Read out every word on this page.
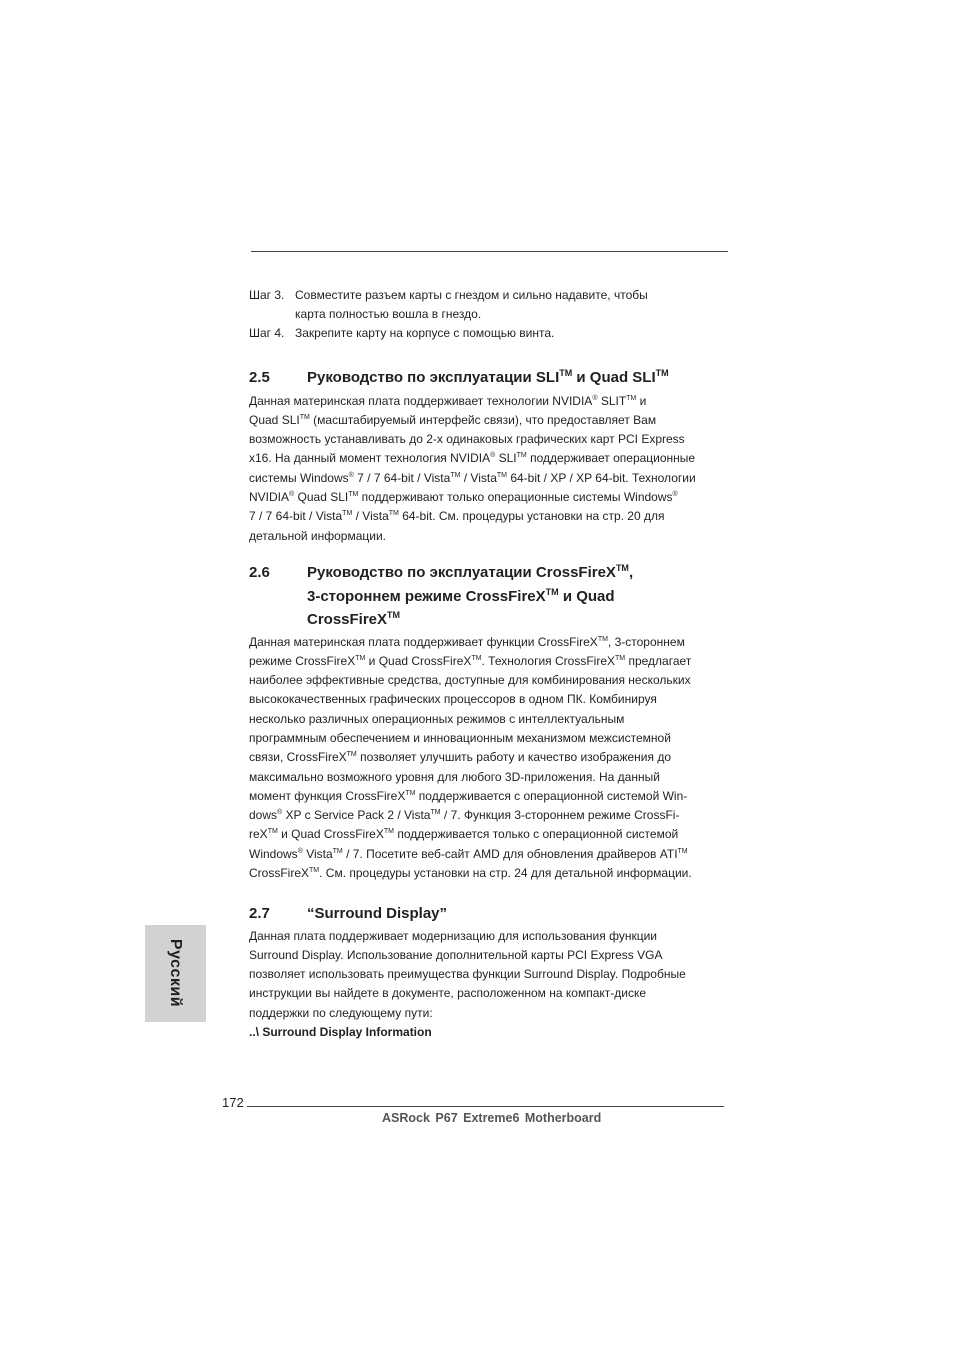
Шаг 3. Совместите разъем карты с гнездом и сильно надавите, чтобы
карта полностью вошла в гнездо.
Шаг 4. Закрепите карту на корпусе с помощью винта.
2.5	Руководство по эксплуатации SLI™ и Quad SLI™
Данная материнская плата поддерживает технологии NVIDIA® SLIT™ и
Quad SLI™ (масштабируемый интерфейс связи), что предоставляет Вам
возможность устанавливать до 2-х одинаковых графических карт PCI Express
x16. На данный момент технология NVIDIA® SLI™ поддерживает операционные
системы Windows® 7 / 7 64-bit / Vista™ / Vista™ 64-bit / XP / XP 64-bit. Технологии
NVIDIA® Quad SLI™ поддерживают только операционные системы Windows®
7 / 7 64-bit / Vista™ / Vista™ 64-bit. См. процедуры установки на стр. 20 для
детальной информации.
2.6	Руководство по эксплуатации CrossFireX™,
3-стороннем режиме CrossFireX™ и Quad
CrossFireX™
Данная материнская плата поддерживает функции CrossFireX™, 3-стороннем
режиме CrossFireX™ и Quad CrossFireX™. Технология CrossFireX™ предлагает
наиболее эффективные средства, доступные для комбинирования нескольких
высококачественных графических процессоров в одном ПК. Комбинируя
несколько различных операционных режимов с интеллектуальным
программным обеспечением и инновационным механизмом межсистемной
связи, CrossFireX™ позволяет улучшить работу и качество изображения до
максимально возможного уровня для любого 3D-приложения. На данный
момент функция CrossFireX™ поддерживается с операционной системой Win-
dows® XP с Service Pack 2 / Vista™ / 7. Функция 3-стороннем режиме CrossFi-
reX™ и Quad CrossFireX™ поддерживается только с операционной системой
Windows® Vista™ / 7. Посетите веб-сайт AMD для обновления драйверов ATI™
CrossFireX™. См. процедуры установки на стр. 24 для детальной информации.
2.7	“Surround Display”
Данная плата поддерживает модернизацию для использования функции
Surround Display. Использование дополнительной карты PCI Express VGA
позволяет использовать преимущества функции Surround Display. Подробные
инструкции вы найдете в документе, расположенном на компакт-диске
поддержки по следующему пути:
..\ Surround Display Information
Русский
172
ASRock P67 Extreme6 Motherboard
